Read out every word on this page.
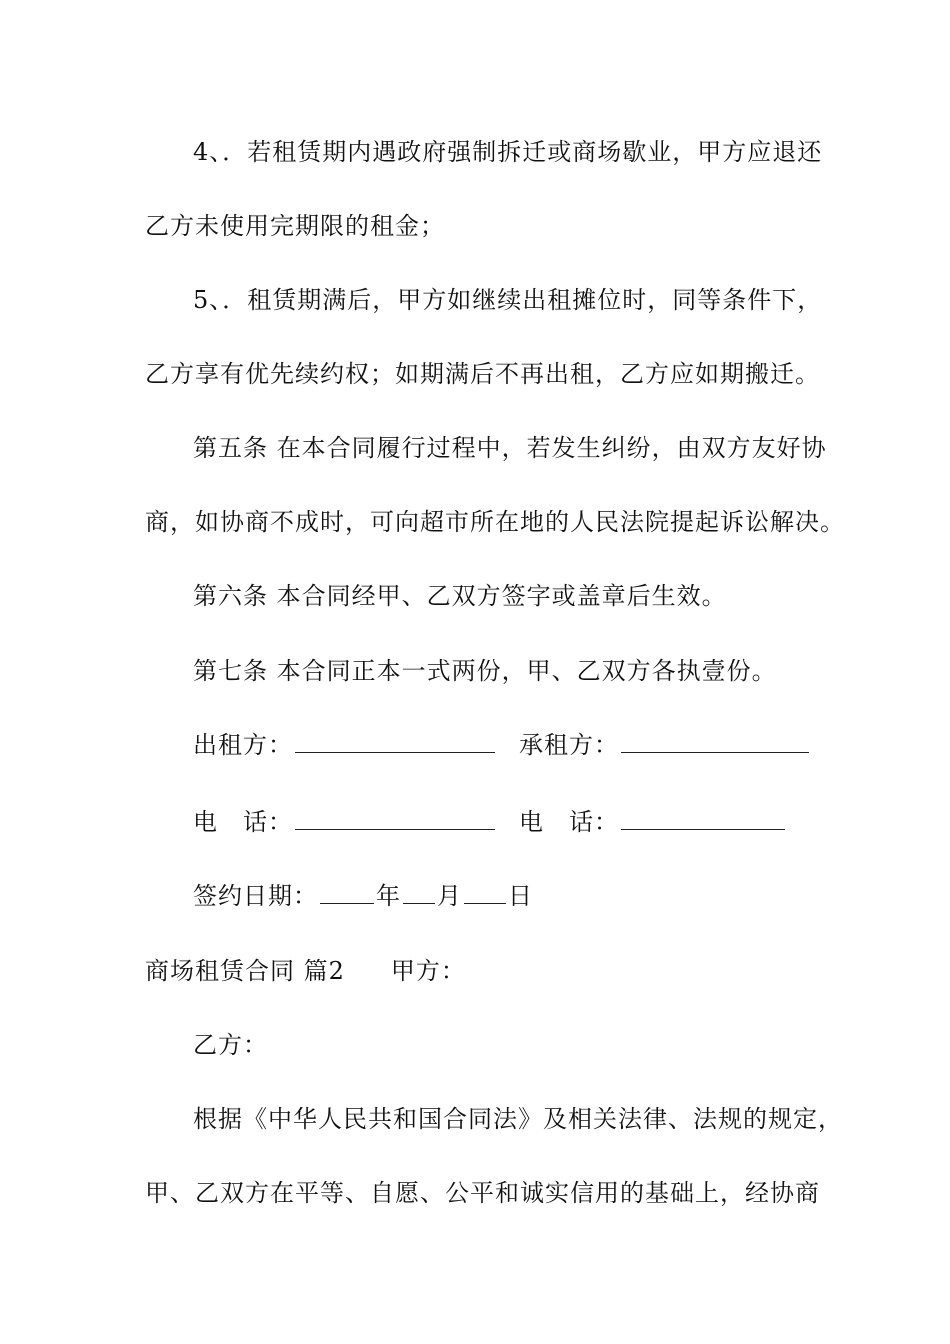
4、．若租赁期内遇政府强制拆迁或商场歇业，甲方应退还
乙方未使用完期限的租金；
5、．租赁期满后，甲方如继续出租摊位时，同等条件下，
乙方享有优先续约权；如期满后不再出租，乙方应如期搬迁。
第五条 在本合同履行过程中，若发生纠纷，由双方友好协
商，如协商不成时，可向超市所在地的人民法院提起诉讼解决。
第六条 本合同经甲、乙双方签字或盖章后生效。
第七条 本合同正本一式两份，甲、乙双方各执壹份。
出租方：	承租方：
电　话：	电　话：
签约日期： 年 月 日
商场租赁合同 篇2 甲方：
乙方：
根据《中华人民共和国合同法》及相关法律、法规的规定，
甲、乙双方在平等、自愿、公平和诚实信用的基础上，经协商
